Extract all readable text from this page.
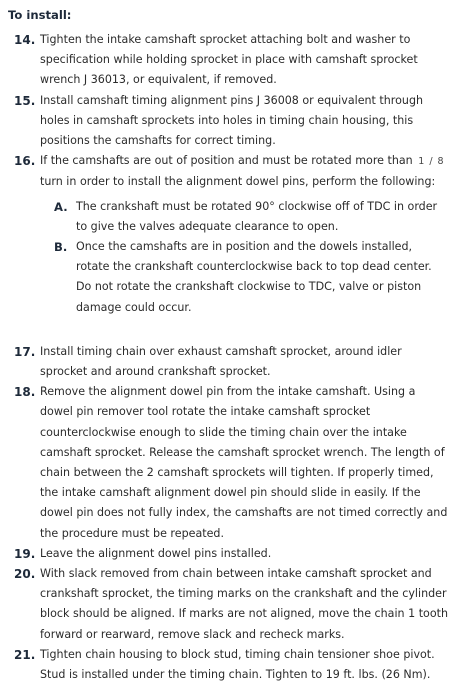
To install:
14. Tighten the intake camshaft sprocket attaching bolt and washer to specification while holding sprocket in place with camshaft sprocket wrench J 36013, or equivalent, if removed.
15. Install camshaft timing alignment pins J 36008 or equivalent through holes in camshaft sprockets into holes in timing chain housing, this positions the camshafts for correct timing.
16. If the camshafts are out of position and must be rotated more than 1 / 8 turn in order to install the alignment dowel pins, perform the following:
A. The crankshaft must be rotated 90° clockwise off of TDC in order to give the valves adequate clearance to open.
B. Once the camshafts are in position and the dowels installed, rotate the crankshaft counterclockwise back to top dead center. Do not rotate the crankshaft clockwise to TDC, valve or piston damage could occur.
17. Install timing chain over exhaust camshaft sprocket, around idler sprocket and around crankshaft sprocket.
18. Remove the alignment dowel pin from the intake camshaft. Using a dowel pin remover tool rotate the intake camshaft sprocket counterclockwise enough to slide the timing chain over the intake camshaft sprocket. Release the camshaft sprocket wrench. The length of chain between the 2 camshaft sprockets will tighten. If properly timed, the intake camshaft alignment dowel pin should slide in easily. If the dowel pin does not fully index, the camshafts are not timed correctly and the procedure must be repeated.
19. Leave the alignment dowel pins installed.
20. With slack removed from chain between intake camshaft sprocket and crankshaft sprocket, the timing marks on the crankshaft and the cylinder block should be aligned. If marks are not aligned, move the chain 1 tooth forward or rearward, remove slack and recheck marks.
21. Tighten chain housing to block stud, timing chain tensioner shoe pivot. Stud is installed under the timing chain. Tighten to 19 ft. lbs. (26 Nm).
